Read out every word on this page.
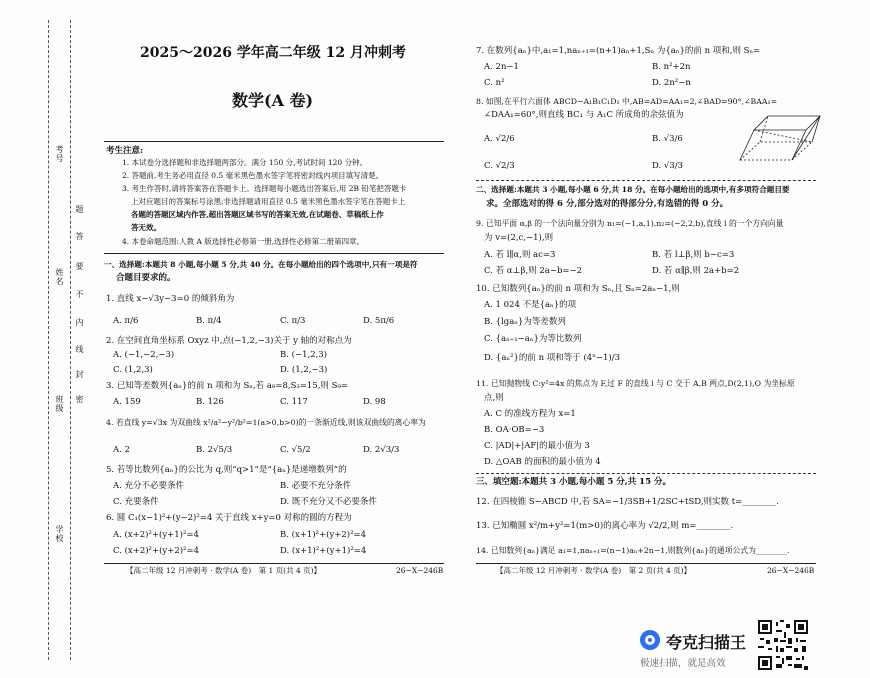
考号
姓名
班级
学校
密
封
线
内
不
要
答
题
2025～2026 学年高二年级 12 月冲刺考
数学(A 卷)
考生注意:
1. 本试卷分选择题和非选择题两部分。满分 150 分,考试时间 120 分钟。
2. 答题前,考生务必用直径 0.5 毫米黑色墨水签字笔将密封线内项目填写清楚。
3. 考生作答时,请将答案答在答题卡上。选择题每小题选出答案后,用 2B 铅笔把答题卡
上对应题目的答案标号涂黑;非选择题请用直径 0.5 毫米黑色墨水签字笔在答题卡上
各题的答题区域内作答,超出答题区域书写的答案无效,在试题卷、草稿纸上作
答无效。
4. 本卷命题范围:人教 A 版选择性必修第一册,选择性必修第二册第四章。
一、选择题:本题共 8 小题,每小题 5 分,共 40 分。在每小题给出的四个选项中,只有一项是符
合题目要求的。
1. 直线 x−√3y−3=0 的倾斜角为
A. π/6	B. π/4	C. π/3	D. 5π/6
2. 在空间直角坐标系 Oxyz 中,点(−1,2,−3)关于 y 轴的对称点为
A. (−1,−2,−3)	B. (−1,2,3)
C. (1,2,3)	D. (1,2,−3)
3. 已知等差数列{aₙ}的前 n 项和为 Sₙ,若 a₈=8,S₃=15,则 S₉=
A. 159	B. 126	C. 117	D. 98
4. 若直线 y=√3x 为双曲线 x²/a²−y²/b²=1(a>0,b>0)的一条渐近线,则该双曲线的离心率为
A. 2	B. 2√5/3	C. √5/2	D. 2√3/3
5. 若等比数列{aₙ}的公比为 q,则“q>1”是“{aₙ}是递增数列”的
A. 充分不必要条件	B. 必要不充分条件
C. 充要条件	D. 既不充分又不必要条件
6. 圆 C₁(x−1)²+(y−2)²=4 关于直线 x+y=0 对称的圆的方程为
A. (x+2)²+(y+1)²=4	B. (x+1)²+(y+2)²=4
C. (x+2)²+(y+2)²=4	D. (x+1)²+(y+1)²=4
【高二年级 12 月冲刺考 · 数学(A 卷)　第 1 页(共 4 页)】	26−X−246B
7. 在数列{aₙ}中,a₁=1,naₙ₊₁=(n+1)aₙ+1,Sₙ 为{aₙ}的前 n 项和,则 Sₙ=
A. 2n−1	B. n²+2n
C. n²	D. 2n²−n
8. 如图,在平行六面体 ABCD−A₁B₁C₁D₁ 中,AB=AD=AA₁=2,∠BAD=90°,∠BAA₁=
∠DAA₁=60°,则直线 BC₁ 与 A₁C 所成角的余弦值为
A. √2/6	B. √3/6
C. √2/3	D. √3/3
二、选择题:本题共 3 小题,每小题 6 分,共 18 分。在每小题给出的选项中,有多项符合题目要
求。全部选对的得 6 分,部分选对的得部分分,有选错的得 0 分。
9. 已知平面 α,β 的一个法向量分别为 n₁=(−1,a,1),n₂=(−2,2,b),直线 l 的一个方向向量
为 v=(2,c,−1),则
A. 若 l∥α,则 ac=3	B. 若 l⊥β,则 b−c=3
C. 若 α⊥β,则 2a−b=−2	D. 若 α∥β,则 2a+b=2
10. 已知数列{aₙ}的前 n 项和为 Sₙ,且 Sₙ=2aₙ−1,则
A. 1 024 不是{aₙ}的项
B. {lgaₙ}为等差数列
C. {aₙ₊₁−aₙ}为等比数列
D. {aₙ²}的前 n 项和等于 (4ⁿ−1)/3
11. 已知抛物线 C:y²=4x 的焦点为 F,过 F 的直线 l 与 C 交于 A,B 两点,D(2,1),O 为坐标原
点,则
A. C 的准线方程为 x=1
B. OA·OB=−3
C. |AD|+|AF|的最小值为 3
D. △OAB 的面积的最小值为 4
三、填空题:本题共 3 小题,每小题 5 分,共 15 分。
12. 在四棱锥 S−ABCD 中,若 SA=−1/3SB+1/2SC+tSD,则实数 t=________.
13. 已知椭圆 x²/m+y²=1(m>0)的离心率为 √2/2,则 m=________.
14. 已知数列{aₙ}满足 a₁=1,naₙ₊₁=(n−1)aₙ+2n−1,则数列{aₙ}的通项公式为________.
【高二年级 12 月冲刺考 · 数学(A 卷)　第 2 页(共 4 页)】	26−X−246B
夸克扫描王
极速扫描，就是高效
